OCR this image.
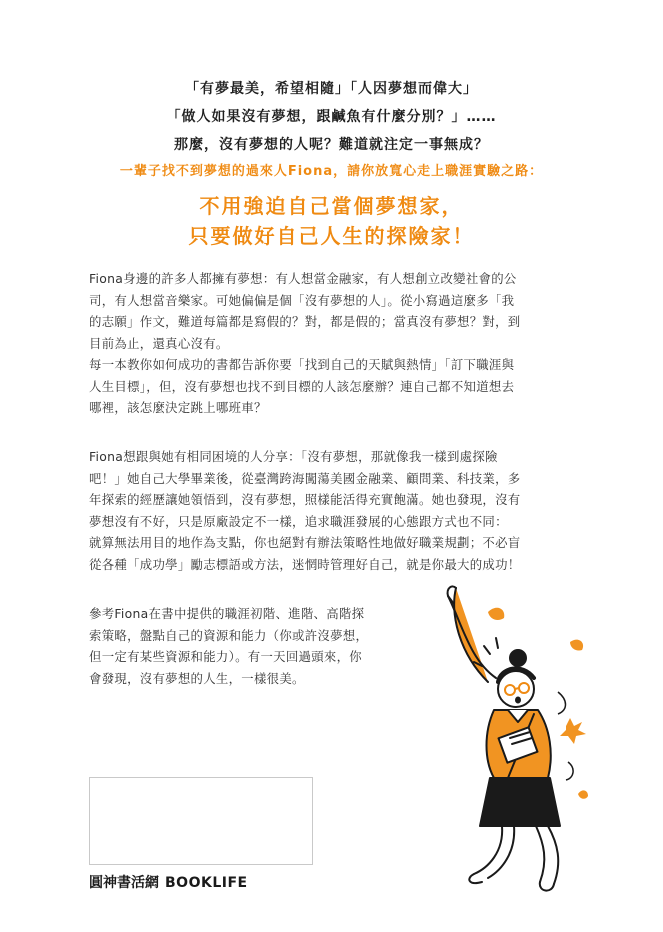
「有夢最美，希望相隨」「人因夢想而偉大」
「做人如果沒有夢想，跟鹹魚有什麼分別？」……
那麼，沒有夢想的人呢？難道就注定一事無成？
一輩子找不到夢想的過來人Fiona，請你放寬心走上職涯實驗之路：
不用強迫自己當個夢想家，
只要做好自己人生的探險家！
Fiona身邊的許多人都擁有夢想：有人想當金融家，有人想創立改變社會的公
司，有人想當音樂家。可她偏偏是個「沒有夢想的人」。從小寫過這麼多「我
的志願」作文，難道每篇都是寫假的？對，都是假的；當真沒有夢想？對，到
目前為止，還真心沒有。
每一本教你如何成功的書都告訴你要「找到自己的天賦與熱情」「訂下職涯與
人生目標」，但，沒有夢想也找不到目標的人該怎麼辦？連自己都不知道想去
哪裡，該怎麼決定跳上哪班車？
Fiona想跟與她有相同困境的人分享：「沒有夢想，那就像我一樣到處探險
吧！」她自己大學畢業後，從臺灣跨海闖蕩美國金融業、顧問業、科技業，多
年探索的經歷讓她領悟到，沒有夢想，照樣能活得充實飽滿。她也發現，沒有
夢想沒有不好，只是原廠設定不一樣，追求職涯發展的心態跟方式也不同：
就算無法用目的地作為支點，你也絕對有辦法策略性地做好職業規劃；不必盲
從各種「成功學」勵志標語或方法，迷惘時管理好自己，就是你最大的成功！
參考Fiona在書中提供的職涯初階、進階、高階探
索策略，盤點自己的資源和能力（你或許沒夢想，
但一定有某些資源和能力）。有一天回過頭來，你
會發現，沒有夢想的人生，一樣很美。
圓神書活網 BOOKLIFE
